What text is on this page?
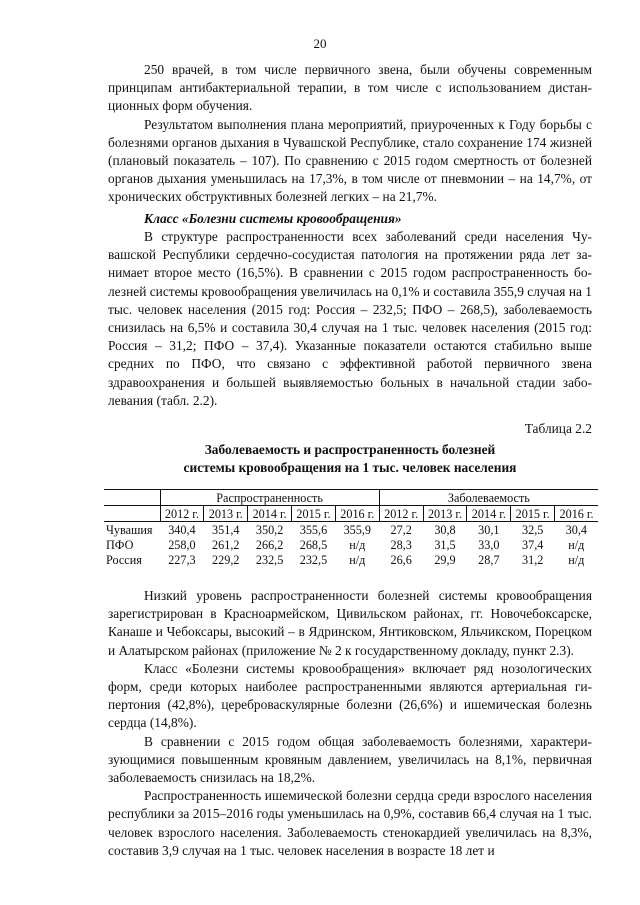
20

250 врачей, в том числе первичного звена, были обучены современным принципам антибактериальной терапии, в том числе с использованием дистанционных форм обучения.

Результатом выполнения плана мероприятий, приуроченных к Году борьбы с болезнями органов дыхания в Чувашской Республике, стало сохранение 174 жизней (плановый показатель – 107). По сравнению с 2015 годом смертность от болезней органов дыхания уменьшилась на 17,3%, в том числе от пневмонии – на 14,7%, от хронических обструктивных болезней легких – на 21,7%.

Класс «Болезни системы кровообращения»

В структуре распространенности всех заболеваний среди населения Чувашской Республики сердечно-сосудистая патология на протяжении ряда лет занимает второе место (16,5%). В сравнении с 2015 годом распространенность болезней системы кровообращения увеличилась на 0,1% и составила 355,9 случая на 1 тыс. человек населения (2015 год: Россия – 232,5; ПФО – 268,5), заболеваемость снизилась на 6,5% и составила 30,4 случая на 1 тыс. человек населения (2015 год: Россия – 31,2; ПФО – 37,4). Указанные показатели остаются стабильно выше средних по ПФО, что связано с эффективной работой первичного звена здравоохранения и большей выявляемостью больных в начальной стадии заболевания (табл. 2.2).

Таблица 2.2
Заболеваемость и распространенность болезней
системы кровообращения на 1 тыс. человек населения
	Распространенность					Заболеваемость				
	2012 г.	2013 г.	2014 г.	2015 г.	2016 г.	2012 г.	2013 г.	2014 г.	2015 г.	2016 г.
Чувашия	340,4	351,4	350,2	355,6	355,9	27,2	30,8	30,1	32,5	30,4
ПФО	258,0	261,2	266,2	268,5	н/д	28,3	31,5	33,0	37,4	н/д
Россия	227,3	229,2	232,5	232,5	н/д	26,6	29,9	28,7	31,2	н/д

Низкий уровень распространенности болезней системы кровообращения зарегистрирован в Красноармейском, Цивильском районах, гг. Новочебоксарске, Канаше и Чебоксары, высокий – в Ядринском, Янтиковском, Яльчикском, Порецком и Алатырском районах (приложение № 2 к государственному докладу, пункт 2.3).

Класс «Болезни системы кровообращения» включает ряд нозологических форм, среди которых наиболее распространенными являются артериальная гипертония (42,8%), цереброваскулярные болезни (26,6%) и ишемическая болезнь сердца (14,8%).

В сравнении с 2015 годом общая заболеваемость болезнями, характеризующимися повышенным кровяным давлением, увеличилась на 8,1%, первичная заболеваемость снизилась на 18,2%.

Распространенность ишемической болезни сердца среди взрослого населения республики за 2015–2016 годы уменьшилась на 0,9%, составив 66,4 случая на 1 тыс. человек взрослого населения. Заболеваемость стенокардией увеличилась на 8,3%, составив 3,9 случая на 1 тыс. человек населения в возрасте 18 лет и
